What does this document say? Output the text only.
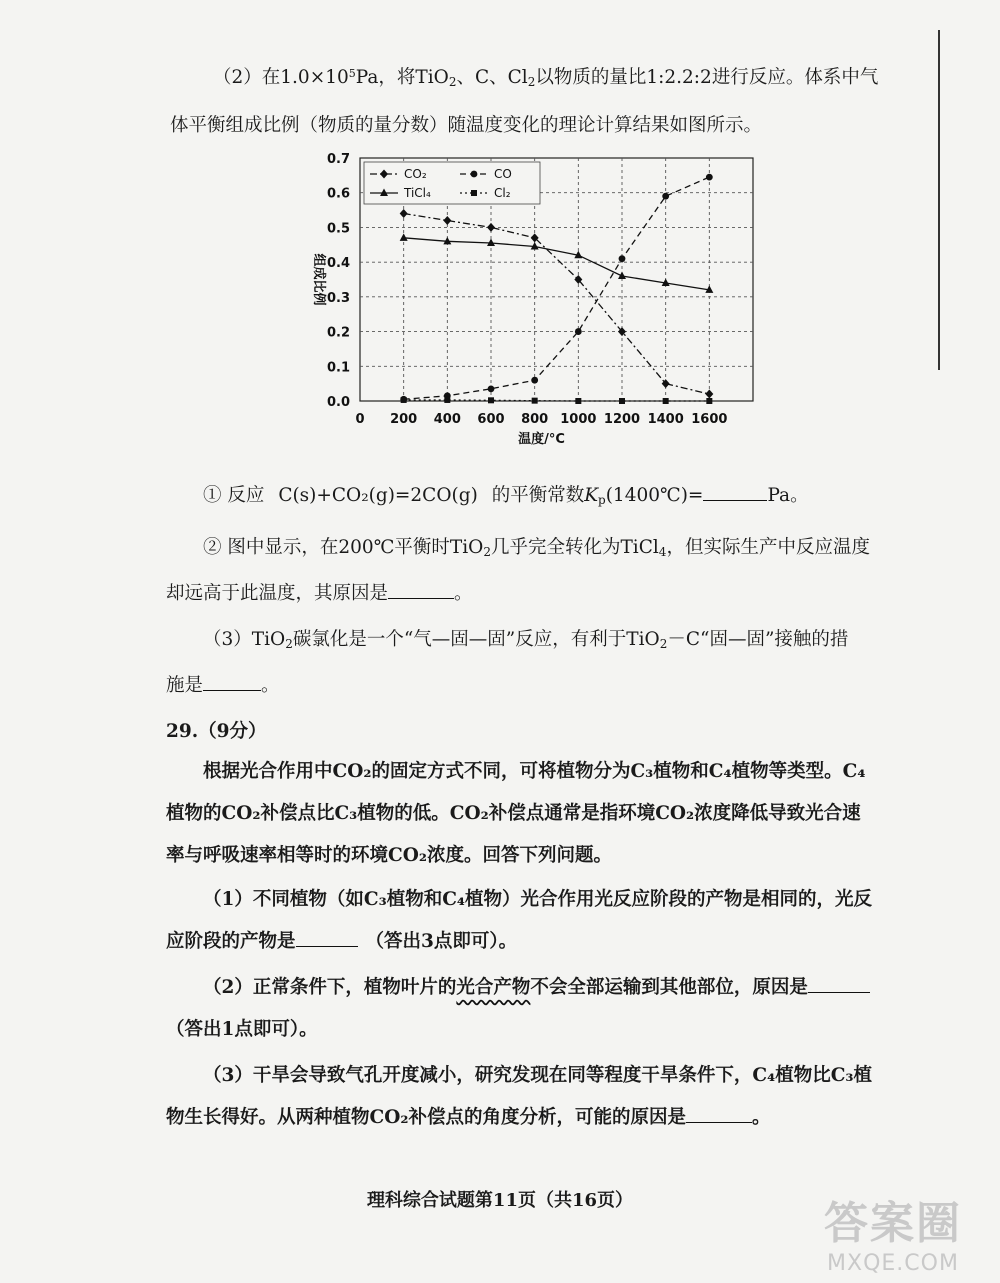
（2）在$1.0\times 10^5Pa$，将TiO$_2$、C、$Cl_2$以物质的量比1:2.2:2进行反应。体系中气
体平衡组成比例（物质的量分数）随温度变化的理论计算结果如图所示。
0 200 400 600 800 1000 1200 1400 1600
0.0
0.1
0.2
0.3
0.4
0.5
0.6
0.7
温度/°C
组成比例
CO₂	CO
TiCl₄	Cl₂
① 反应 C(s)+CO₂(g)=2CO(g) 的平衡常数$K_p(1400℃)=$	Pa。
② 图中显示，在200℃平衡时TiO$_2$几乎完全转化为TiCl$_4$，但实际生产中反应温度
却远高于此温度，其原因是	。
（3）TiO$_2$碳氯化是一个“气—固—固”反应，有利于TiO$_2$－C“固—固”接触的措
施是	。
29.（9分）
根据光合作用中CO₂的固定方式不同，可将植物分为C₃植物和C₄植物等类型。C₄
植物的CO₂补偿点比C₃植物的低。CO₂补偿点通常是指环境CO₂浓度降低导致光合速
率与呼吸速率相等时的环境CO₂浓度。回答下列问题。
（1）不同植物（如C₃植物和C₄植物）光合作用光反应阶段的产物是相同的，光反
应阶段的产物是	（答出3点即可）。
（2）正常条件下，植物叶片的光合产物不会全部运输到其他部位，原因是
（答出1点即可）。
（3）干旱会导致气孔开度减小，研究发现在同等程度干旱条件下，C₄植物比C₃植
物生长得好。从两种植物CO₂补偿点的角度分析，可能的原因是	。
理科综合试题第11页（共16页）	答案圈
MXQE.COM
